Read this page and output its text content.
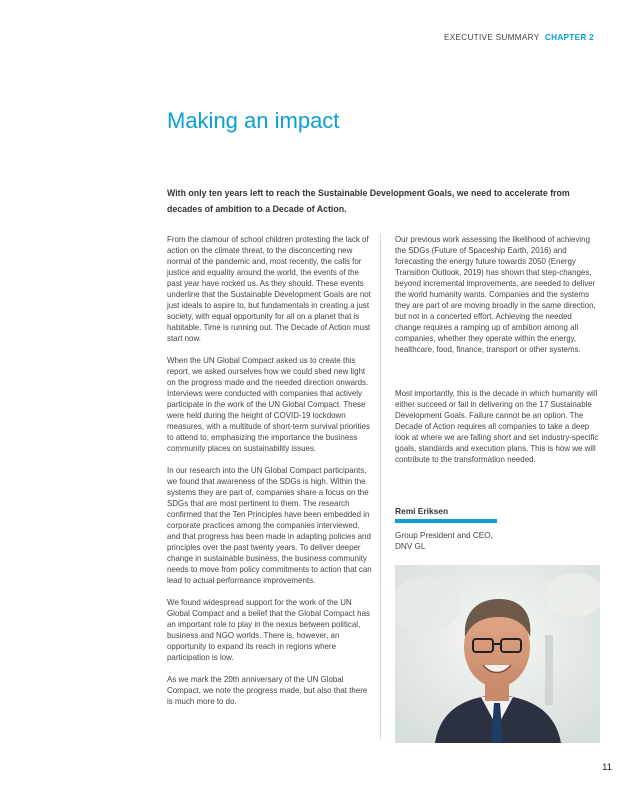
EXECUTIVE SUMMARY CHAPTER 2
Making an impact

With only ten years left to reach the Sustainable Development Goals, we need to accelerate from decades of ambition to a Decade of Action.

From the clamour of school children protesting the lack of action on the climate threat, to the disconcerting new normal of the pandemic and, most recently, the calls for justice and equality around the world, the events of the past year have rocked us. As they should. These events underline that the Sustainable Development Goals are not just ideals to aspire to, but fundamentals in creating a just society, with equal opportunity for all on a planet that is habitable. Time is running out. The Decade of Action must start now.

When the UN Global Compact asked us to create this report, we asked ourselves how we could shed new light on the progress made and the needed direction onwards. Interviews were conducted with companies that actively participate in the work of the UN Global Compact. These were held during the height of COVID-19 lockdown measures, with a multitude of short-term survival priorities to attend to, emphasizing the importance the business community places on sustainability issues.

In our research into the UN Global Compact participants, we found that awareness of the SDGs is high. Within the systems they are part of, companies share a focus on the SDGs that are most pertinent to them. The research confirmed that the Ten Principles have been embedded in corporate practices among the companies interviewed, and that progress has been made in adapting policies and principles over the past twenty years. To deliver deeper change in sustainable business, the business community needs to move from policy commitments to action that can lead to actual performance improvements.

We found widespread support for the work of the UN Global Compact and a belief that the Global Compact has an important role to play in the nexus between political, business and NGO worlds. There is, however, an opportunity to expand its reach in regions where participation is low.

As we mark the 20th anniversary of the UN Global Compact, we note the progress made, but also that there is much more to do.

Our previous work assessing the likelihood of achieving the SDGs (Future of Spaceship Earth, 2016) and forecasting the energy future towards 2050 (Energy Transition Outlook, 2019) has shown that step-changes, beyond incremental improvements, are needed to deliver the world humanity wants. Companies and the systems they are part of are moving broadly in the same direction, but not in a concerted effort. Achieving the needed change requires a ramping up of ambition among all companies, whether they operate within the energy, healthcare, food, finance, transport or other systems.

Most importantly, this is the decade in which humanity will either succeed or fail in delivering on the 17 Sustainable Development Goals. Failure cannot be an option. The Decade of Action requires all companies to take a deep look at where we are falling short and set industry-specific goals, standards and execution plans. This is how we will contribute to the transformation needed.

Remi Eriksen
Group President and CEO, DNV GL
11
